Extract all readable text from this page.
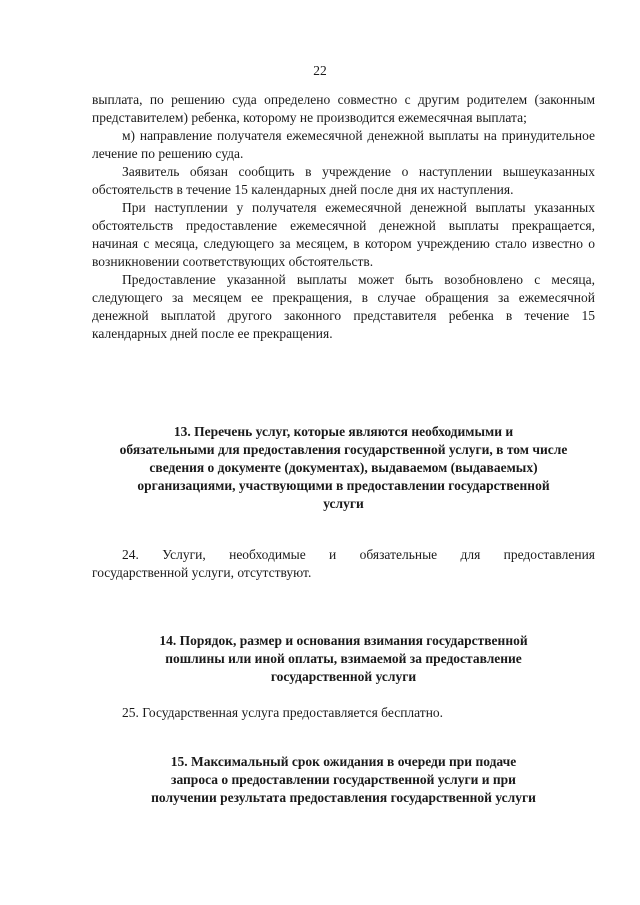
22

выплата, по решению суда определено совместно с другим родителем (законным представителем) ребенка, которому не производится ежемесячная выплата;

м) направление получателя ежемесячной денежной выплаты на принудительное лечение по решению суда.

Заявитель обязан сообщить в учреждение о наступлении вышеуказанных обстоятельств в течение 15 календарных дней после дня их наступления.

При наступлении у получателя ежемесячной денежной выплаты указанных обстоятельств предоставление ежемесячной денежной выплаты прекращается, начиная с месяца, следующего за месяцем, в котором учреждению стало известно о возникновении соответствующих обстоятельств.

Предоставление указанной выплаты может быть возобновлено с месяца, следующего за месяцем ее прекращения, в случае обращения за ежемесячной денежной выплатой другого законного представителя ребенка в течение 15 календарных дней после ее прекращения.

13. Перечень услуг, которые являются необходимыми и
обязательными для предоставления государственной услуги, в том числе
сведения о документе (документах), выдаваемом (выдаваемых)
организациями, участвующими в предоставлении государственной
услуги

24. Услуги, необходимые и обязательные для предоставления

государственной услуги, отсутствуют.

14. Порядок, размер и основания взимания государственной
пошлины или иной оплаты, взимаемой за предоставление
государственной услуги

25. Государственная услуга предоставляется бесплатно.

15. Максимальный срок ожидания в очереди при подаче
запроса о предоставлении государственной услуги и при
получении результата предоставления государственной услуги
